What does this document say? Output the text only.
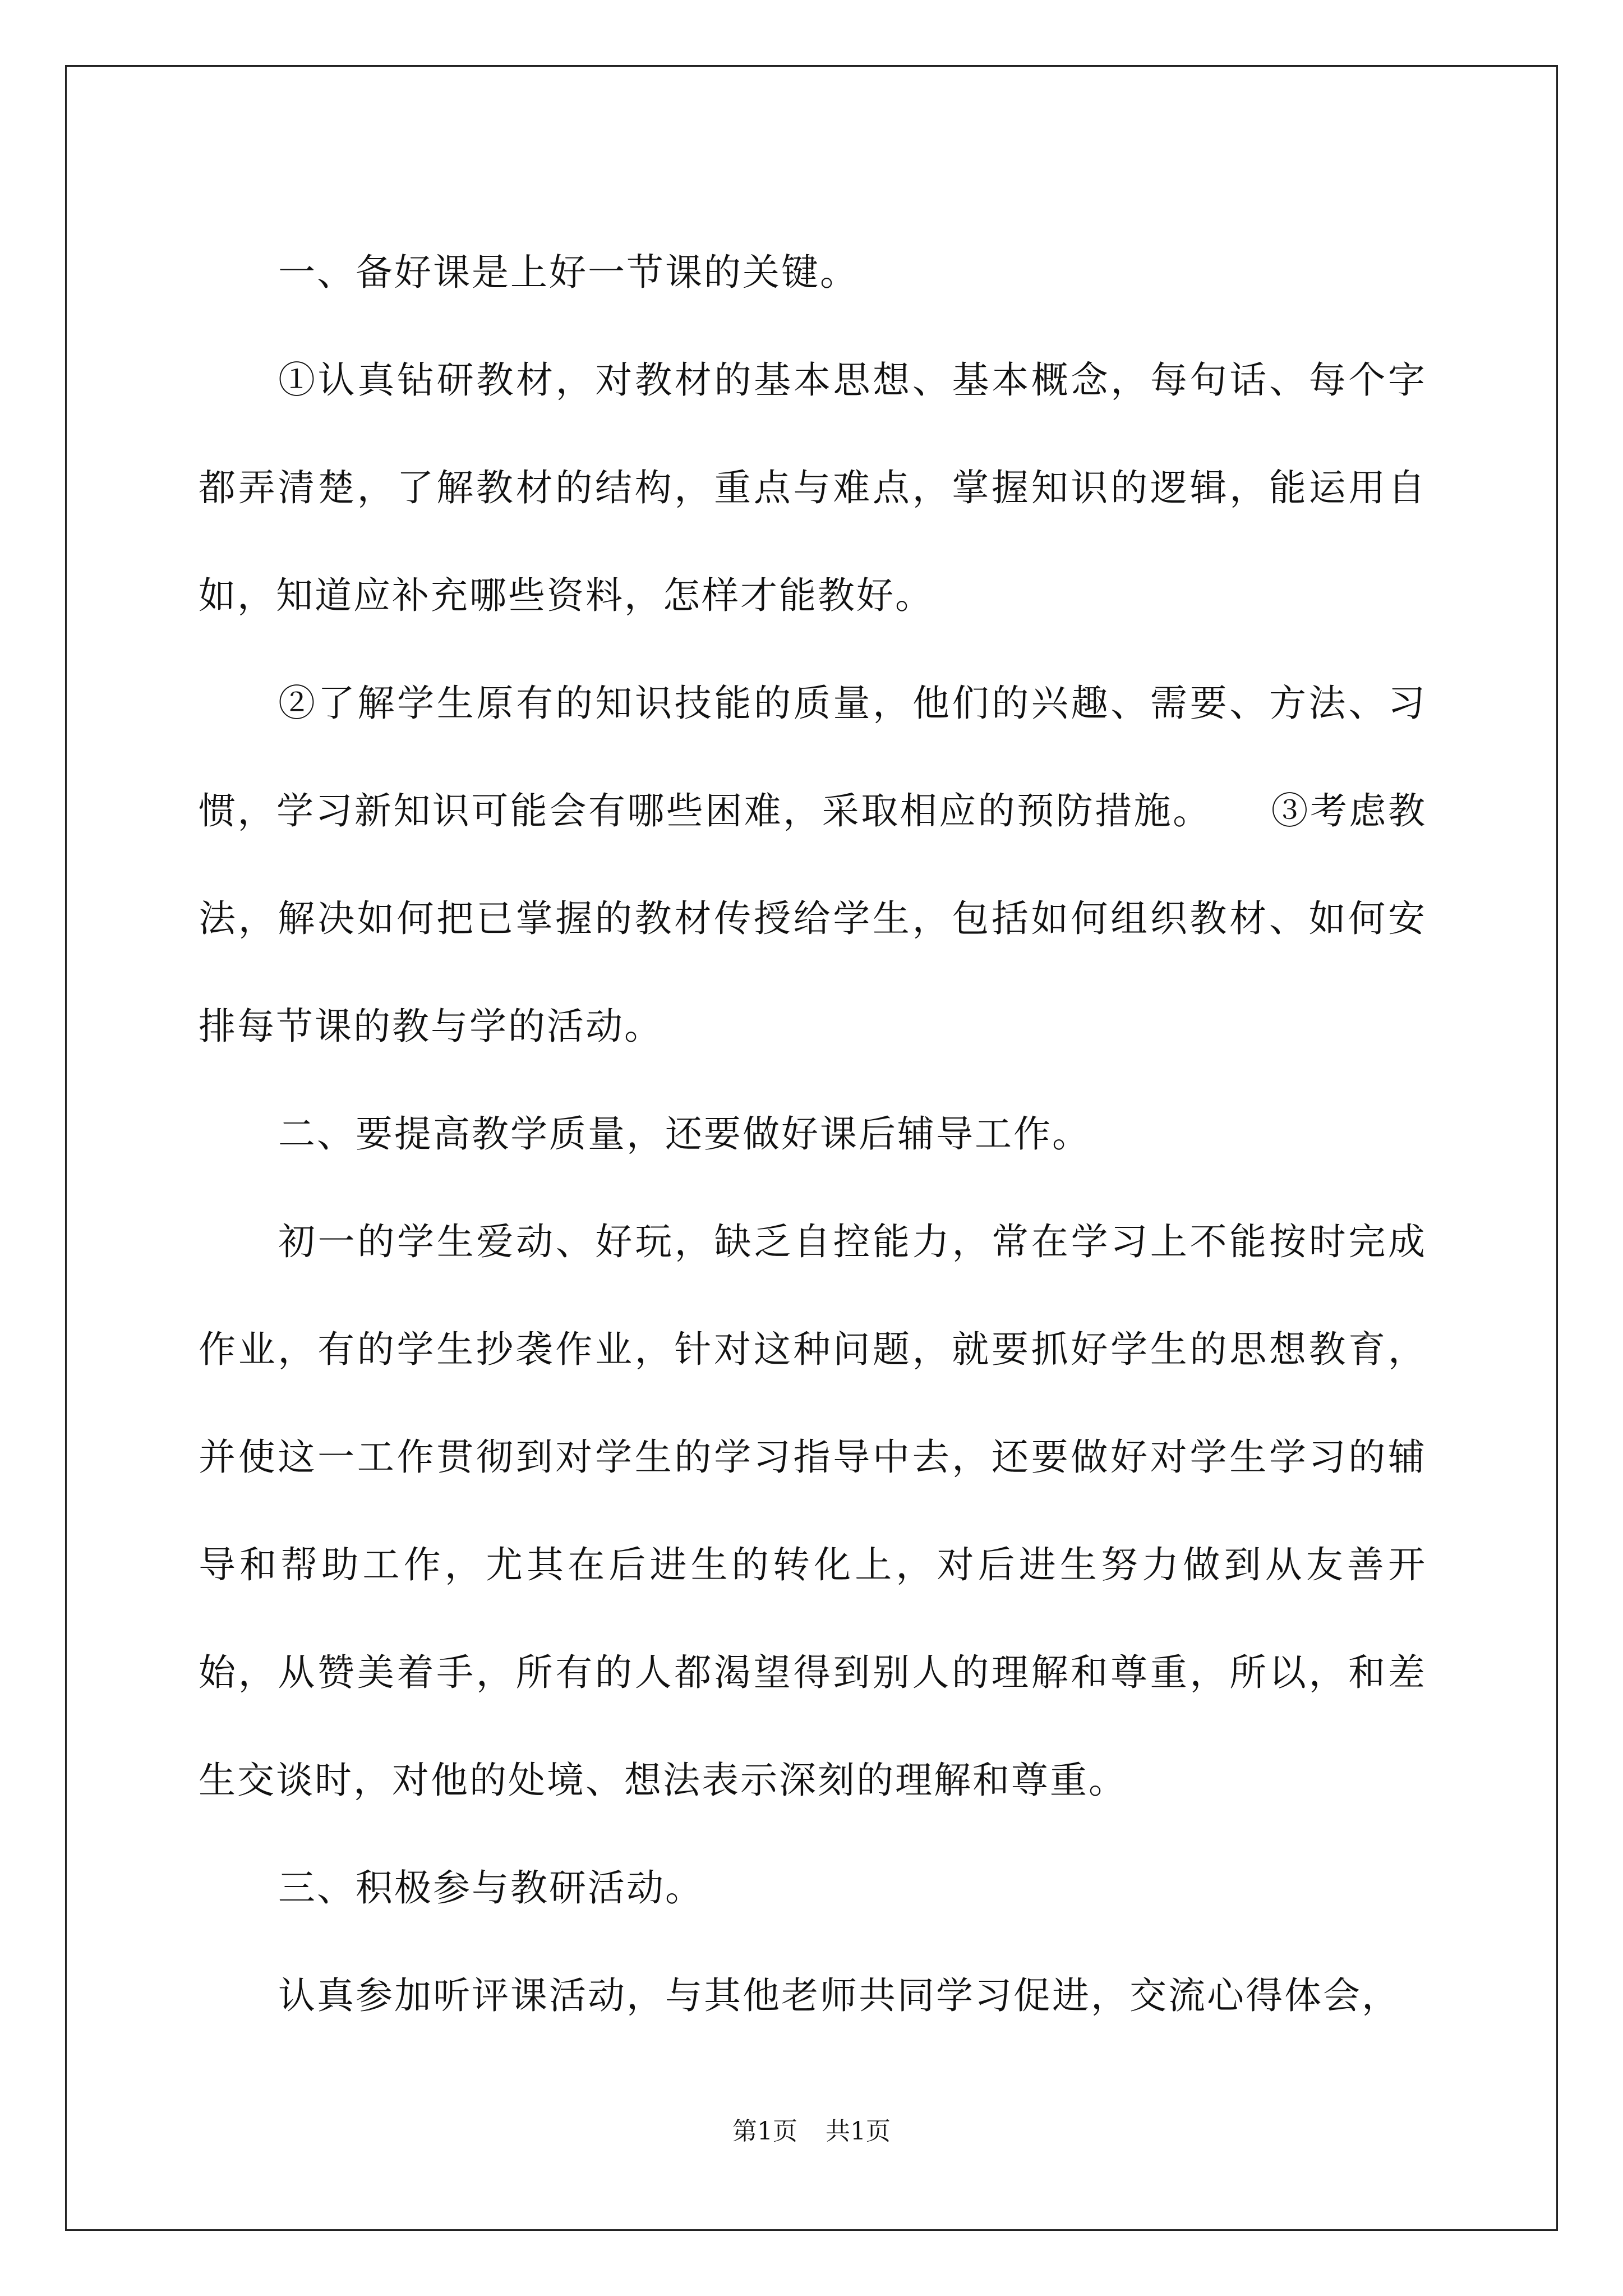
一、备好课是上好一节课的关键。

①认真钻研教材，对教材的基本思想、基本概念，每句话、每个字都弄清楚，了解教材的结构，重点与难点，掌握知识的逻辑，能运用自如，知道应补充哪些资料，怎样才能教好。

②了解学生原有的知识技能的质量，他们的兴趣、需要、方法、习惯，学习新知识可能会有哪些困难，采取相应的预防措施。　　③考虑教法，解决如何把已掌握的教材传授给学生，包括如何组织教材、如何安排每节课的教与学的活动。

二、要提高教学质量，还要做好课后辅导工作。

初一的学生爱动、好玩，缺乏自控能力，常在学习上不能按时完成作业，有的学生抄袭作业，针对这种问题，就要抓好学生的思想教育，并使这一工作贯彻到对学生的学习指导中去，还要做好对学生学习的辅导和帮助工作，尤其在后进生的转化上，对后进生努力做到从友善开始，从赞美着手，所有的人都渴望得到别人的理解和尊重，所以，和差生交谈时，对他的处境、想法表示深刻的理解和尊重。

三、积极参与教研活动。

认真参加听评课活动，与其他老师共同学习促进，交流心得体会，

第1页 共1页
